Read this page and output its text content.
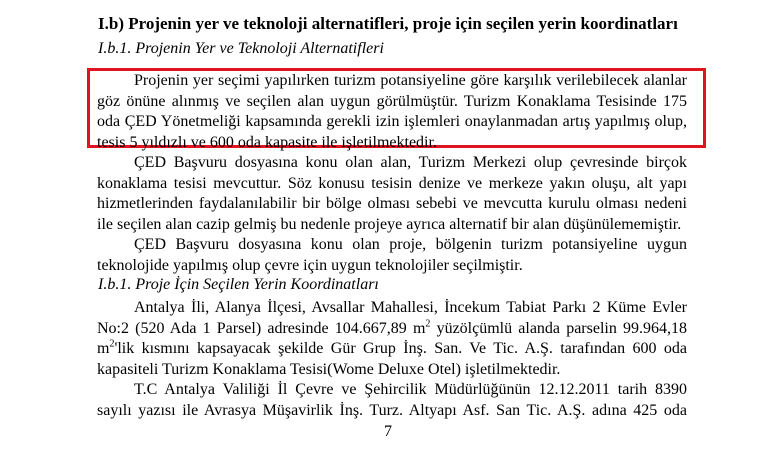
I.b) Projenin yer ve teknoloji alternatifleri, proje için seçilen yerin koordinatları
I.b.1. Projenin Yer ve Teknoloji Alternatifleri
Projenin yer seçimi yapılırken turizm potansiyeline göre karşılık verilebilecek alanlar
göz önüne alınmış ve seçilen alan uygun görülmüştür. Turizm Konaklama Tesisinde 175
oda ÇED Yönetmeliği kapsamında gerekli izin işlemleri onaylanmadan artış yapılmış olup,
tesis 5 yıldızlı ve 600 oda kapasite ile işletilmektedir.
ÇED Başvuru dosyasına konu olan alan, Turizm Merkezi olup çevresinde birçok
konaklama tesisi mevcuttur. Söz konusu tesisin denize ve merkeze yakın oluşu, alt yapı
hizmetlerinden faydalanılabilir bir bölge olması sebebi ve mevcutta kurulu olması nedeni
ile seçilen alan cazip gelmiş bu nedenle projeye ayrıca alternatif bir alan düşünülememiştir.
ÇED Başvuru dosyasına konu olan proje, bölgenin turizm potansiyeline uygun
teknolojide yapılmış olup çevre için uygun teknolojiler seçilmiştir.
I.b.1. Proje İçin Seçilen Yerin Koordinatları
Antalya İli, Alanya İlçesi, Avsallar Mahallesi, İncekum Tabiat Parkı 2 Küme Evler
No:2 (520 Ada 1 Parsel) adresinde 104.667,89 $m^2$ yüzölçümlü alanda parselin 99.964,18
$m^2'lik$ kısmını kapsayacak şekilde Gür Grup İnş. San. Ve Tic. A.Ş. tarafından 600 oda
kapasiteli Turizm Konaklama Tesisi(Wome Deluxe Otel) işletilmektedir.
T.C Antalya Valiliği İl Çevre ve Şehircilik Müdürlüğünün 12.12.2011 tarih 8390
sayılı yazısı ile Avrasya Müşavirlik İnş. Turz. Altyapı Asf. San Tic. A.Ş. adına 425 oda
7
